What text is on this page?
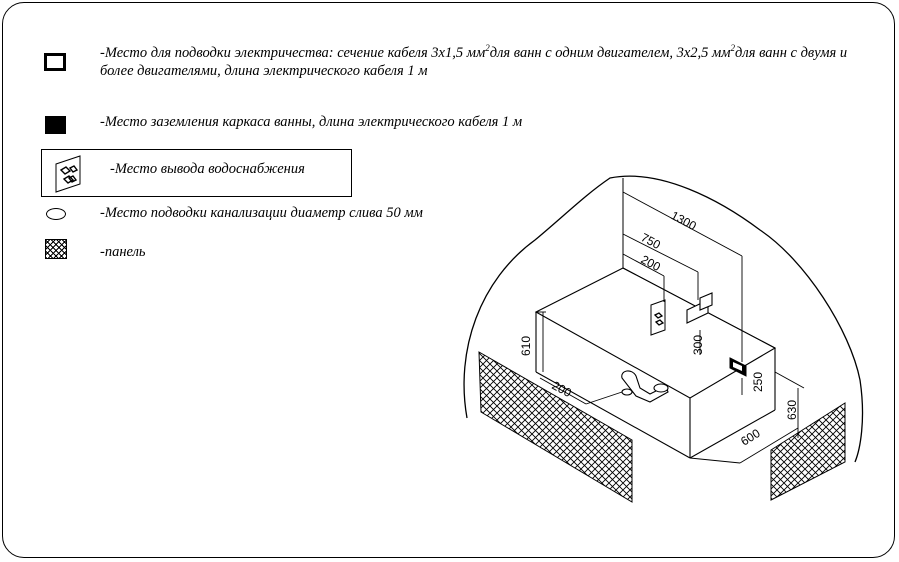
-Место для подводки электричества: сечение кабеля 3х1,5 $мм^2для$ ванн с одним двигателем, 3х2,5 $мм^2для$ ванн с двумя и более двигателями, длина электрического кабеля 1 м
-Место заземления каркаса ванны, длина электрического кабеля 1 м
-Место вывода водоснабжения
-Место подводки канализации диаметр слива 50 мм
-панель
1300
750
200
300
610
200	250
630
600
